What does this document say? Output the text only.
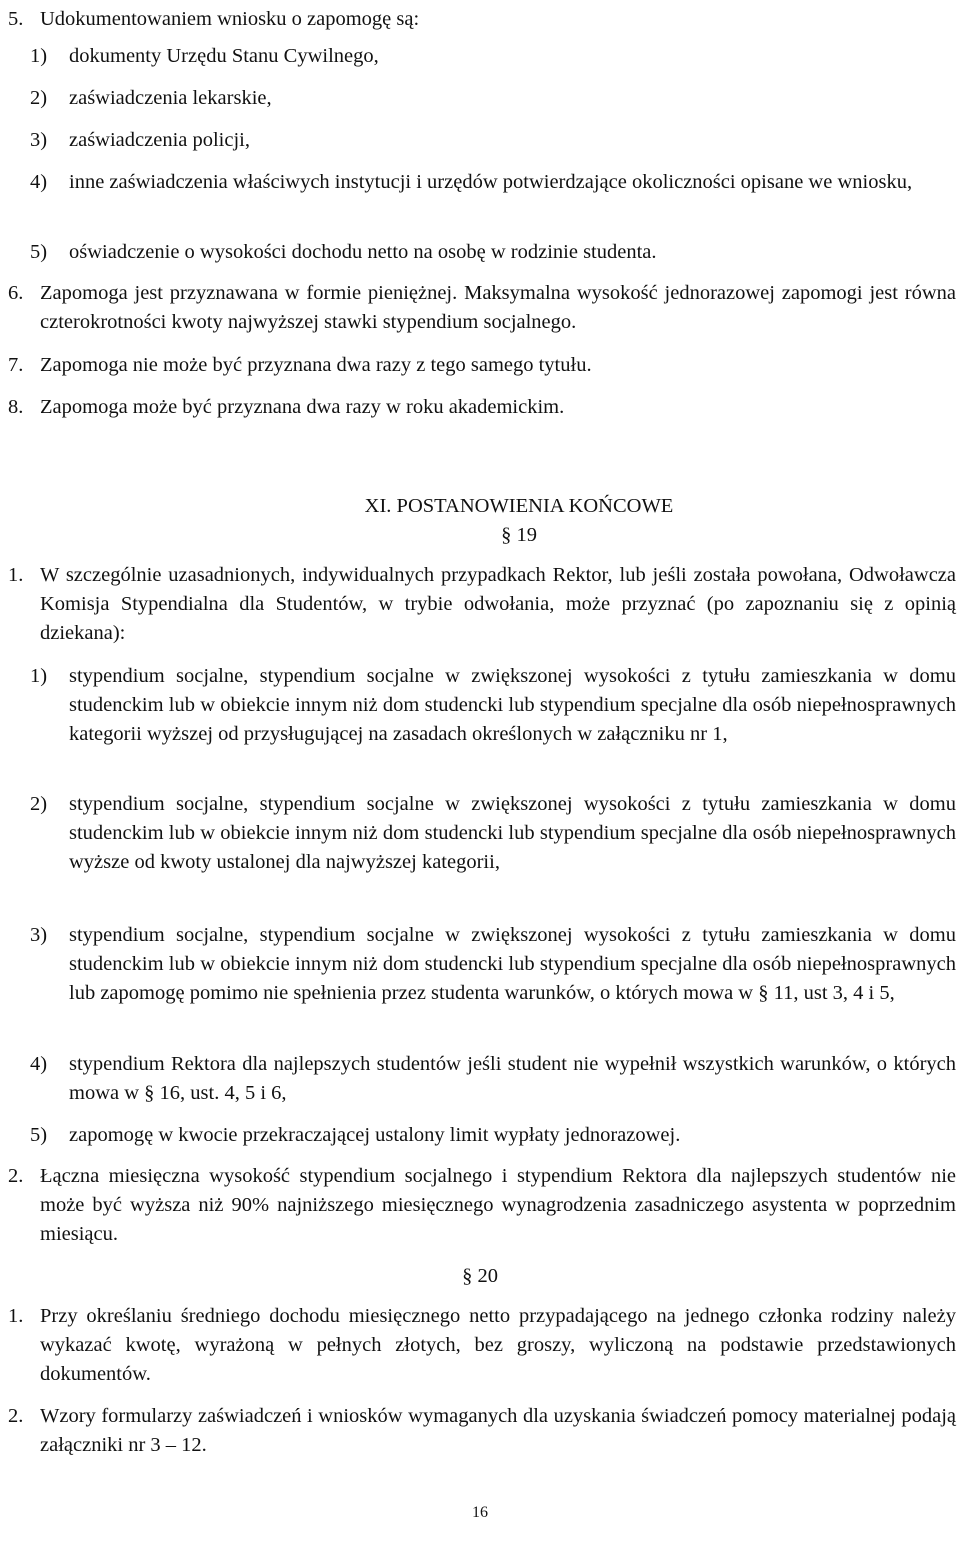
5. Udokumentowaniem wniosku o zapomogę są:
1)	dokumenty Urzędu Stanu Cywilnego,
2)	zaświadczenia lekarskie,
3)	zaświadczenia policji,
4)	inne zaświadczenia właściwych instytucji i urzędów potwierdzające okoliczności opisane we wniosku,
5)	oświadczenie o wysokości dochodu netto na osobę w rodzinie studenta.
6. Zapomoga jest przyznawana w formie pieniężnej. Maksymalna wysokość jednorazowej zapomogi jest równa czterokrotności kwoty najwyższej stawki stypendium socjalnego.
7. Zapomoga nie może być przyznana dwa razy z tego samego tytułu.
8. Zapomoga może być przyznana dwa razy w roku akademickim.
XI. POSTANOWIENIA KOŃCOWE
§ 19
1. W szczególnie uzasadnionych, indywidualnych przypadkach Rektor, lub jeśli została powołana, Odwoławcza Komisja Stypendialna dla Studentów, w trybie odwołania, może przyznać (po zapoznaniu się z opinią dziekana):
1)	stypendium socjalne, stypendium socjalne w zwiększonej wysokości z tytułu zamieszkania w domu studenckim lub w obiekcie innym niż dom studencki lub stypendium specjalne dla osób niepełnosprawnych kategorii wyższej od przysługującej na zasadach określonych w załączniku nr 1,
2)	stypendium socjalne, stypendium socjalne w zwiększonej wysokości z tytułu zamieszkania w domu studenckim lub w obiekcie innym niż dom studencki lub stypendium specjalne dla osób niepełnosprawnych wyższe od kwoty ustalonej dla najwyższej kategorii,
3)	stypendium socjalne, stypendium socjalne w zwiększonej wysokości z tytułu zamieszkania w domu studenckim lub w obiekcie innym niż dom studencki lub stypendium specjalne dla osób niepełnosprawnych lub zapomogę pomimo nie spełnienia przez studenta warunków, o których mowa w § 11, ust 3, 4 i 5,
4)	stypendium Rektora dla najlepszych studentów jeśli student nie wypełnił wszystkich warunków, o których mowa w § 16, ust. 4, 5 i 6,
5)	zapomogę w kwocie przekraczającej ustalony limit wypłaty jednorazowej.
2. Łączna miesięczna wysokość stypendium socjalnego i stypendium Rektora dla najlepszych studentów nie może być wyższa niż 90% najniższego miesięcznego wynagrodzenia zasadniczego asystenta w poprzednim miesiącu.
§ 20
1. Przy określaniu średniego dochodu miesięcznego netto przypadającego na jednego członka rodziny należy wykazać kwotę, wyrażoną w pełnych złotych, bez groszy, wyliczoną na podstawie przedstawionych dokumentów.
2. Wzory formularzy zaświadczeń i wniosków wymaganych dla uzyskania świadczeń pomocy materialnej podają załączniki nr 3 – 12.
16
